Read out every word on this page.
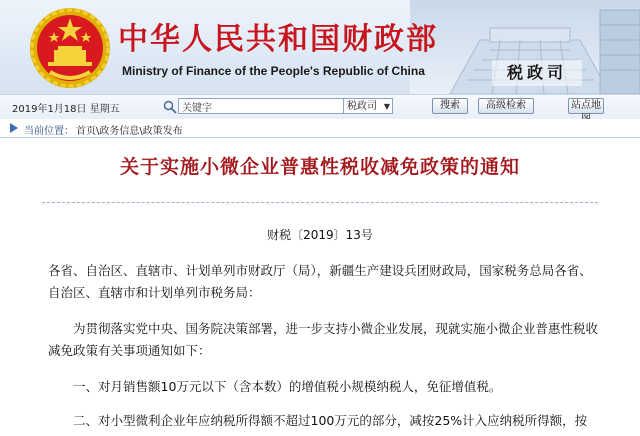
中华人民共和国财政部
Ministry of Finance of the People's Republic of China	税政司
2019年1月18日 星期五
关键字	税政司 ▼	搜索	高级检索	站点地
当前位置： 首页\政务信息\政策发布
关于实施小微企业普惠性税收减免政策的通知
财税〔2019〕13号

各省、自治区、直辖市、计划单列市财政厅（局），新疆生产建设兵团财政局，国家税务总局各省、自治区、直辖市和计划单列市税务局：

为贯彻落实党中央、国务院决策部署，进一步支持小微企业发展，现就实施小微企业普惠性税收减免政策有关事项通知如下：

一、对月销售额10万元以下（含本数）的增值税小规模纳税人，免征增值税。

二、对小型微利企业年应纳税所得额不超过100万元的部分，减按25%计入应纳税所得额，按
